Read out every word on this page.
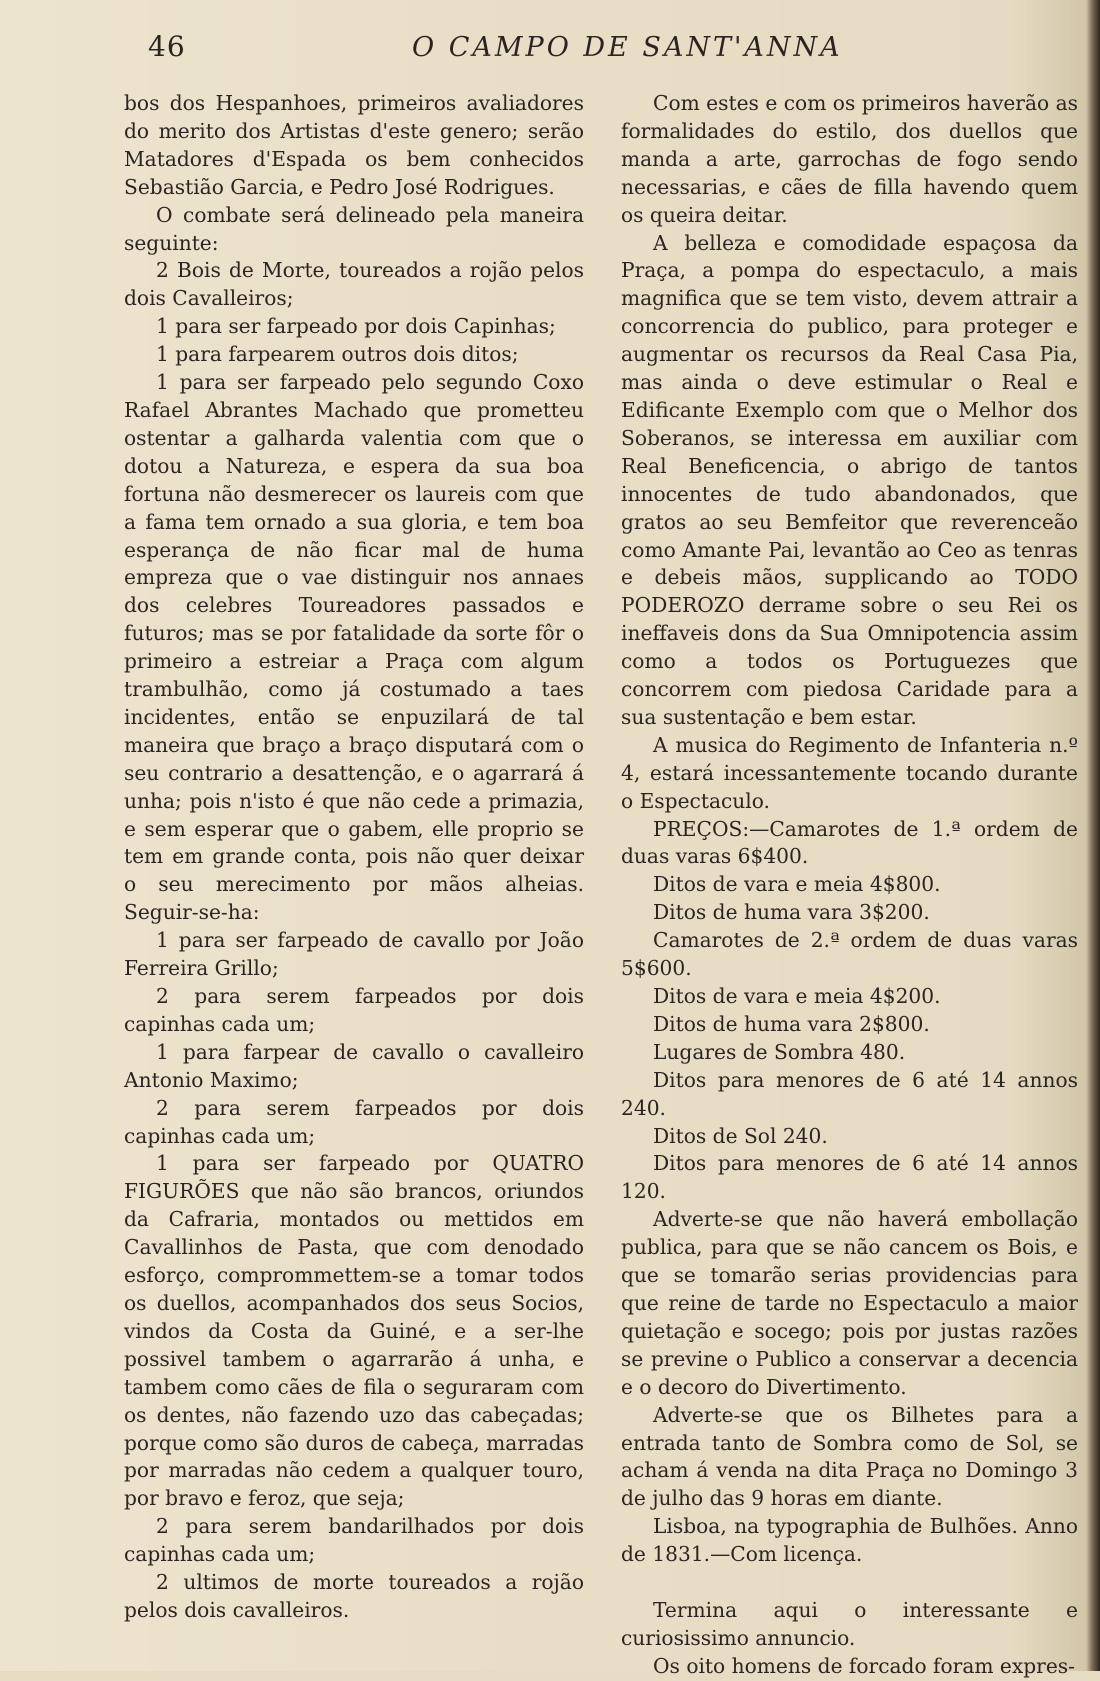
46	O CAMPO DE SANT'ANNA

bos dos Hespanhoes, primeiros avaliadores do merito dos Artistas d'este genero; serão Matadores d'Espada os bem conhecidos Sebastião Garcia, e Pedro José Rodrigues.

O combate será delineado pela maneira seguinte:

2 Bois de Morte, toureados a rojão pelos dois Cavalleiros;

1 para ser farpeado por dois Capinhas;

1 para farpearem outros dois ditos;

1 para ser farpeado pelo segundo Coxo Rafael Abrantes Machado que prometteu ostentar a galharda valentia com que o dotou a Natureza, e espera da sua boa fortuna não desmerecer os laureis com que a fama tem ornado a sua gloria, e tem boa esperança de não ficar mal de huma empreza que o vae distinguir nos annaes dos celebres Toureadores passados e futuros; mas se por fatalidade da sorte fôr o primeiro a estreiar a Praça com algum trambulhão, como já costumado a taes incidentes, então se enpuzilará de tal maneira que braço a braço disputará com o seu contrario a desattenção, e o agarrará á unha; pois n'isto é que não cede a primazia, e sem esperar que o gabem, elle proprio se tem em grande conta, pois não quer deixar o seu merecimento por mãos alheias. Seguir-se-ha:

1 para ser farpeado de cavallo por João Ferreira Grillo;

2 para serem farpeados por dois capinhas cada um;

1 para farpear de cavallo o cavalleiro Antonio Maximo;

2 para serem farpeados por dois capinhas cada um;

1 para ser farpeado por QUATRO FIGURÕES que não são brancos, oriundos da Cafraria, montados ou mettidos em Cavallinhos de Pasta, que com denodado esforço, comprommettem-se a tomar todos os duellos, acompanhados dos seus Socios, vindos da Costa da Guiné, e a ser-lhe possivel tambem o agarrarão á unha, e tambem como cães de fila o seguraram com os dentes, não fazendo uzo das cabeçadas; porque como são duros de cabeça, marradas por marradas não cedem a qualquer touro, por bravo e feroz, que seja;

2 para serem bandarilhados por dois capinhas cada um;

2 ultimos de morte toureados a rojão pelos dois cavalleiros.

Com estes e com os primeiros haverão as formalidades do estilo, dos duellos que manda a arte, garrochas de fogo sendo necessarias, e cães de filla havendo quem os queira deitar.

A belleza e comodidade espaçosa da Praça, a pompa do espectaculo, a mais magnifica que se tem visto, devem attrair a concorrencia do publico, para proteger e augmentar os recursos da Real Casa Pia, mas ainda o deve estimular o Real e Edificante Exemplo com que o Melhor dos Soberanos, se interessa em auxiliar com Real Beneficencia, o abrigo de tantos innocentes de tudo abandonados, que gratos ao seu Bemfeitor que reverenceão como Amante Pai, levantão ao Ceo as tenras e debeis mãos, supplicando ao TODO PODEROZO derrame sobre o seu Rei os ineffaveis dons da Sua Omnipotencia assim como a todos os Portuguezes que concorrem com piedosa Caridade para a sua sustentação e bem estar.

A musica do Regimento de Infanteria n.º 4, estará incessantemente tocando durante o Espectaculo.

PREÇOS:—Camarotes de 1.ª ordem de duas varas 6$400.

Ditos de vara e meia 4$800.

Ditos de huma vara 3$200.

Camarotes de 2.ª ordem de duas varas 5$600.

Ditos de vara e meia 4$200.

Ditos de huma vara 2$800.

Lugares de Sombra 480.

Ditos para menores de 6 até 14 annos 240.

Ditos de Sol 240.

Ditos para menores de 6 até 14 annos 120.

Adverte-se que não haverá embollação publica, para que se não cancem os Bois, e que se tomarão serias providencias para que reine de tarde no Espectaculo a maior quietação e socego; pois por justas razões se previne o Publico a conservar a decencia e o decoro do Divertimento.

Adverte-se que os Bilhetes para a entrada tanto de Sombra como de Sol, se acham á venda na dita Praça no Domingo 3 de julho das 9 horas em diante.

Lisboa, na typographia de Bulhões. Anno de 1831.—Com licença.

Termina aqui o interessante e curiosissimo annuncio.

Os oito homens de forcado foram expres-
